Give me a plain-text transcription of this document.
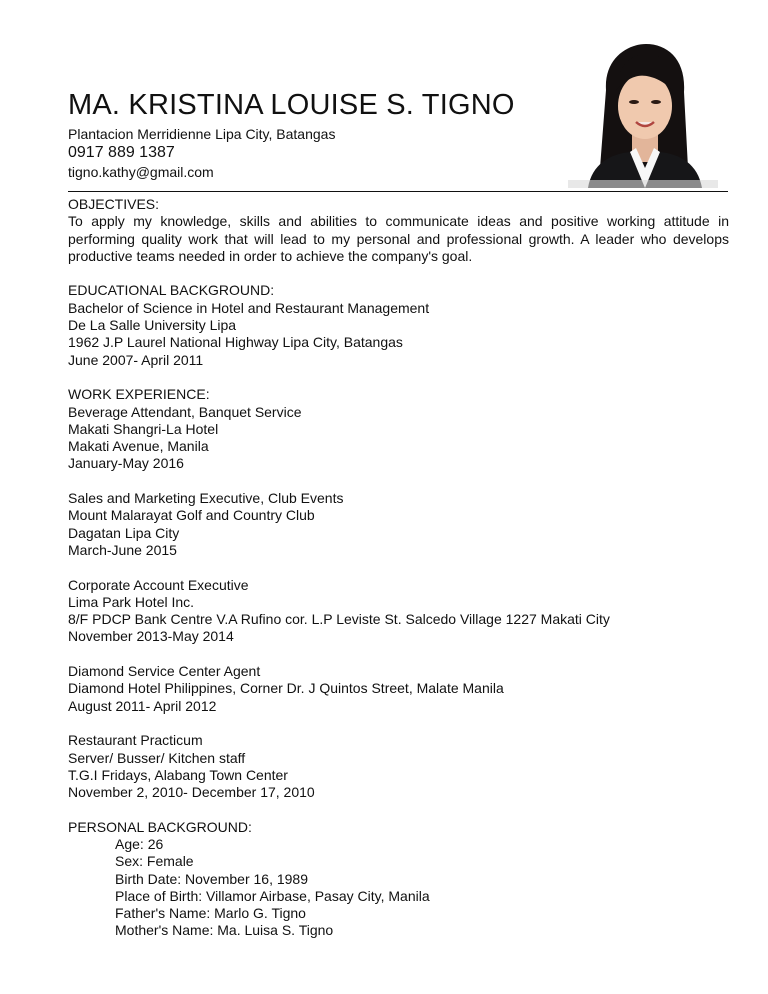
MA. KRISTINA LOUISE S. TIGNO
Plantacion Merridienne Lipa City, Batangas
0917 889 1387
tigno.kathy@gmail.com
OBJECTIVES:
To apply my knowledge, skills and abilities to communicate ideas and positive working attitude in performing quality work that will lead to my personal and professional growth. A leader who develops productive teams needed in order to achieve the company's goal.
EDUCATIONAL BACKGROUND:
Bachelor of Science in Hotel and Restaurant Management
De La Salle University Lipa
1962 J.P Laurel National Highway Lipa City, Batangas
June 2007- April 2011
WORK EXPERIENCE:
Beverage Attendant, Banquet Service
Makati Shangri-La Hotel
Makati Avenue, Manila
January-May 2016
Sales and Marketing Executive, Club Events
Mount Malarayat Golf and Country Club
Dagatan Lipa City
March-June 2015
Corporate Account Executive
Lima Park Hotel Inc.
8/F PDCP Bank Centre V.A Rufino cor. L.P Leviste St. Salcedo Village 1227 Makati City
November 2013-May 2014
Diamond Service Center Agent
Diamond Hotel Philippines, Corner Dr. J Quintos Street, Malate Manila
August 2011- April 2012
Restaurant Practicum
Server/ Busser/ Kitchen staff
T.G.I Fridays, Alabang Town Center
November 2, 2010- December 17, 2010
PERSONAL BACKGROUND:
Age: 26
Sex: Female
Birth Date: November 16, 1989
Place of Birth: Villamor Airbase, Pasay City, Manila
Father's Name: Marlo G. Tigno
Mother's Name: Ma. Luisa S. Tigno
